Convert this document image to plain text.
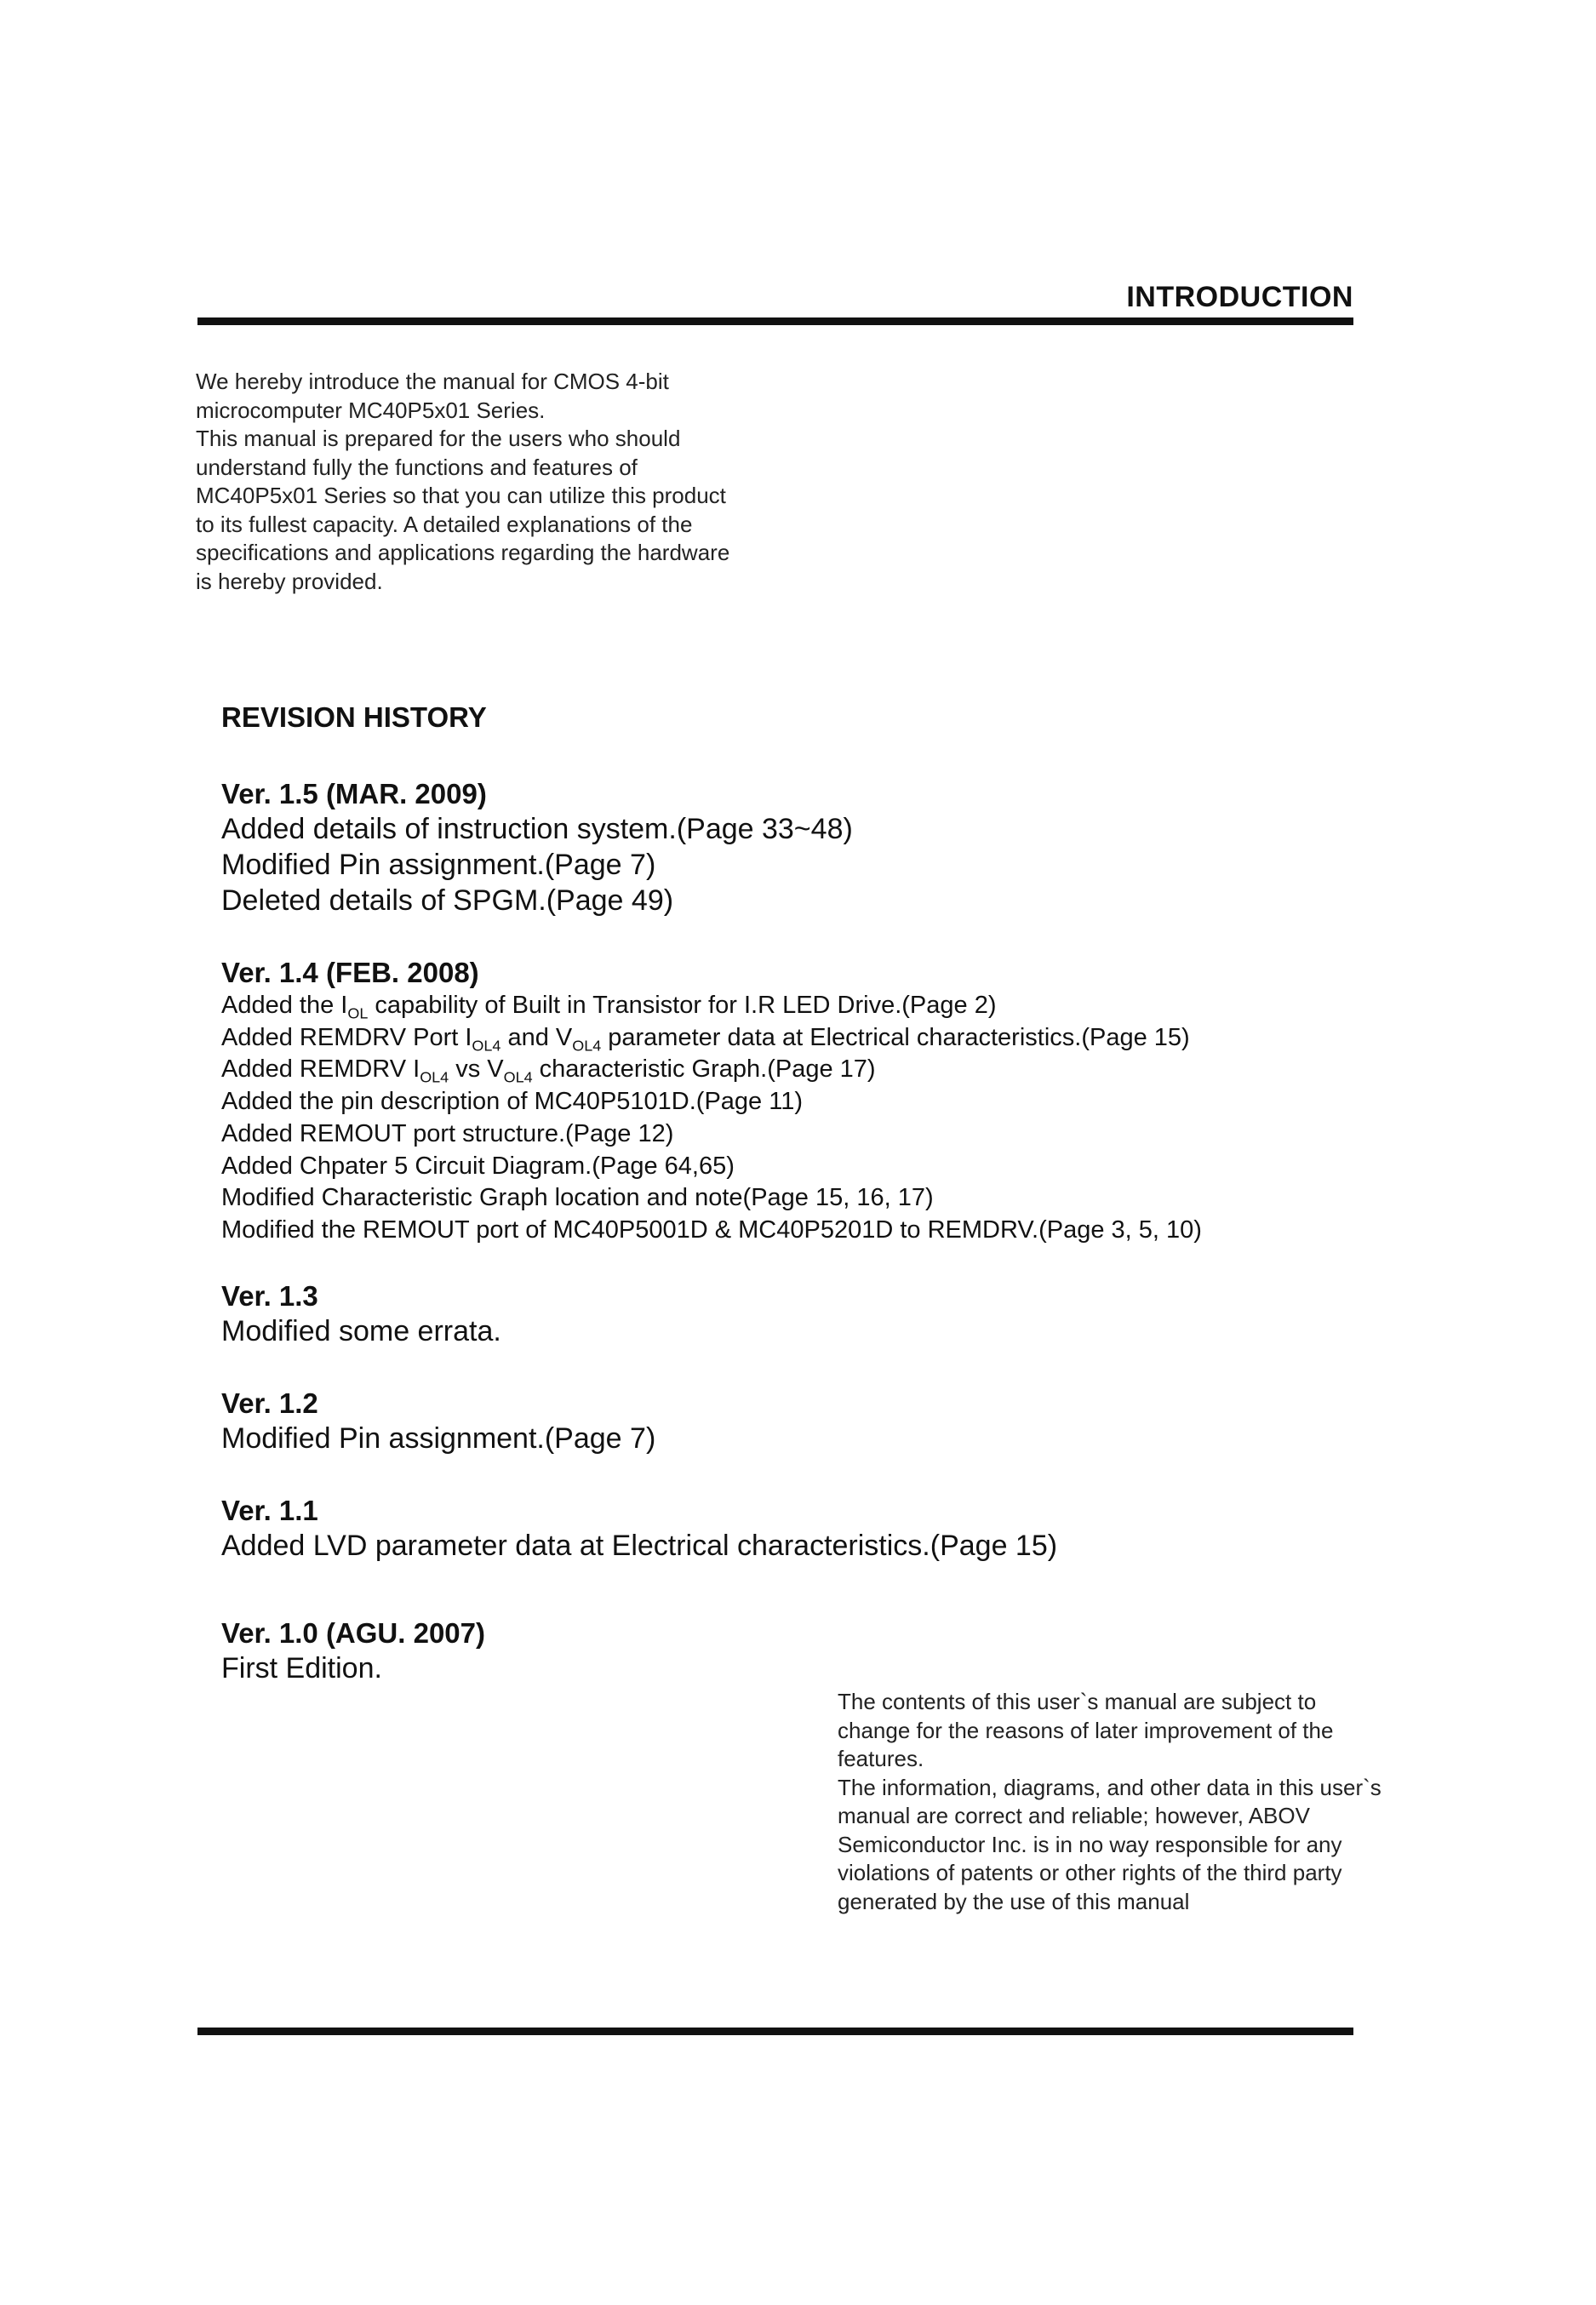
INTRODUCTION

We hereby introduce the manual for CMOS 4-bit microcomputer MC40P5x01 Series.

This manual is prepared for the users who should understand fully the functions and features of MC40P5x01 Series so that you can utilize this product to its fullest capacity. A detailed explanations of the specifications and applications regarding the hardware is hereby provided.

REVISION HISTORY
Ver. 1.5 (MAR. 2009)
Added details of instruction system.(Page 33~48)
Modified Pin assignment.(Page 7)
Deleted details of SPGM.(Page 49)
Ver. 1.4 (FEB. 2008)
Added the $I_{OL}$ capability of Built in Transistor for I.R LED Drive.(Page 2)
Added REMDRV Port $I_{OL4}$ and $V_{OL4}$ parameter data at Electrical characteristics.(Page 15)
Added REMDRV $I_{OL4}$ vs $V_{OL4}$ characteristic Graph.(Page 17)
Added the pin description of MC40P5101D.(Page 11)
Added REMOUT port structure.(Page 12)
Added Chpater 5 Circuit Diagram.(Page 64,65)
Modified Characteristic Graph location and note(Page 15, 16, 17)
Modified the REMOUT port of MC40P5001D & MC40P5201D to REMDRV.(Page 3, 5, 10)
Ver. 1.3
Modified some errata.
Ver. 1.2
Modified Pin assignment.(Page 7)
Ver. 1.1
Added LVD parameter data at Electrical characteristics.(Page 15)
Ver. 1.0 (AGU. 2007)
First Edition.

The contents of this user`s manual are subject to change for the reasons of later improvement of the features.

The information, diagrams, and other data in this user`s manual are correct and reliable; however, ABOV Semiconductor Inc. is in no way responsible for any violations of patents or other rights of the third party generated by the use of this manual
